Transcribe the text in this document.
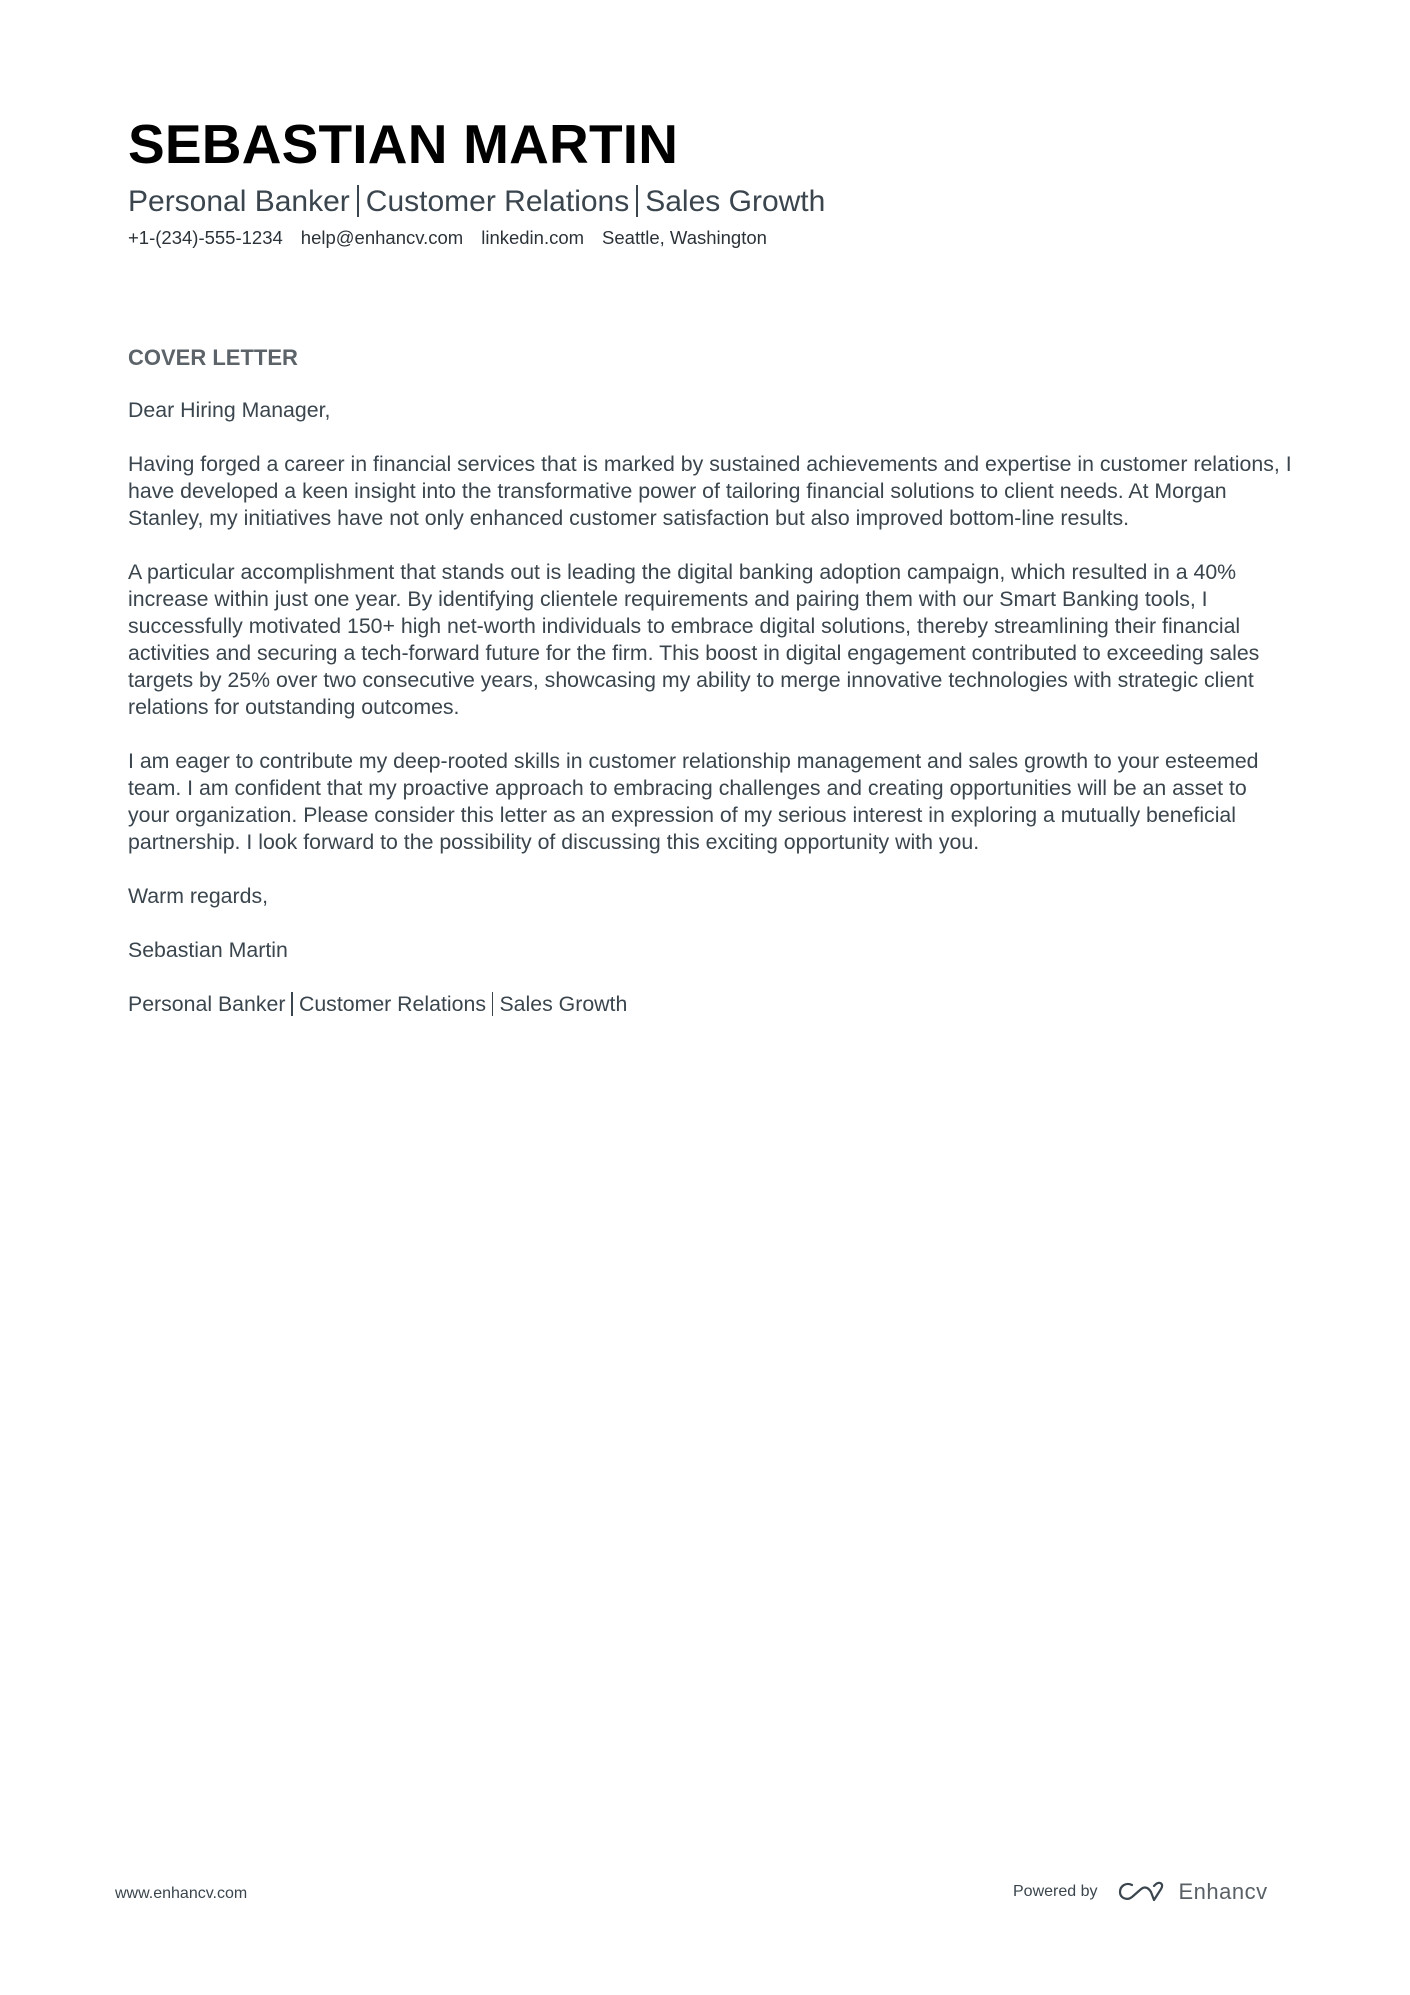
SEBASTIAN MARTIN
Personal Banker Customer Relations Sales Growth
+1-(234)-555-1234 help@enhancv.com linkedin.com Seattle, Washington
COVER LETTER

Dear Hiring Manager,

Having forged a career in financial services that is marked by sustained achievements and expertise in customer relations, I have developed a keen insight into the transformative power of tailoring financial solutions to client needs. At Morgan Stanley, my initiatives have not only enhanced customer satisfaction but also improved bottom-line results.

A particular accomplishment that stands out is leading the digital banking adoption campaign, which resulted in a 40% increase within just one year. By identifying clientele requirements and pairing them with our Smart Banking tools, I successfully motivated 150+ high net-worth individuals to embrace digital solutions, thereby streamlining their financial activities and securing a tech-forward future for the firm. This boost in digital engagement contributed to exceeding sales targets by 25% over two consecutive years, showcasing my ability to merge innovative technologies with strategic client relations for outstanding outcomes.

I am eager to contribute my deep-rooted skills in customer relationship management and sales growth to your esteemed team. I am confident that my proactive approach to embracing challenges and creating opportunities will be an asset to your organization. Please consider this letter as an expression of my serious interest in exploring a mutually beneficial partnership. I look forward to the possibility of discussing this exciting opportunity with you.

Warm regards,

Sebastian Martin

Personal Banker Customer Relations Sales Growth

www.enhancv.com	Powered by	Enhancv
